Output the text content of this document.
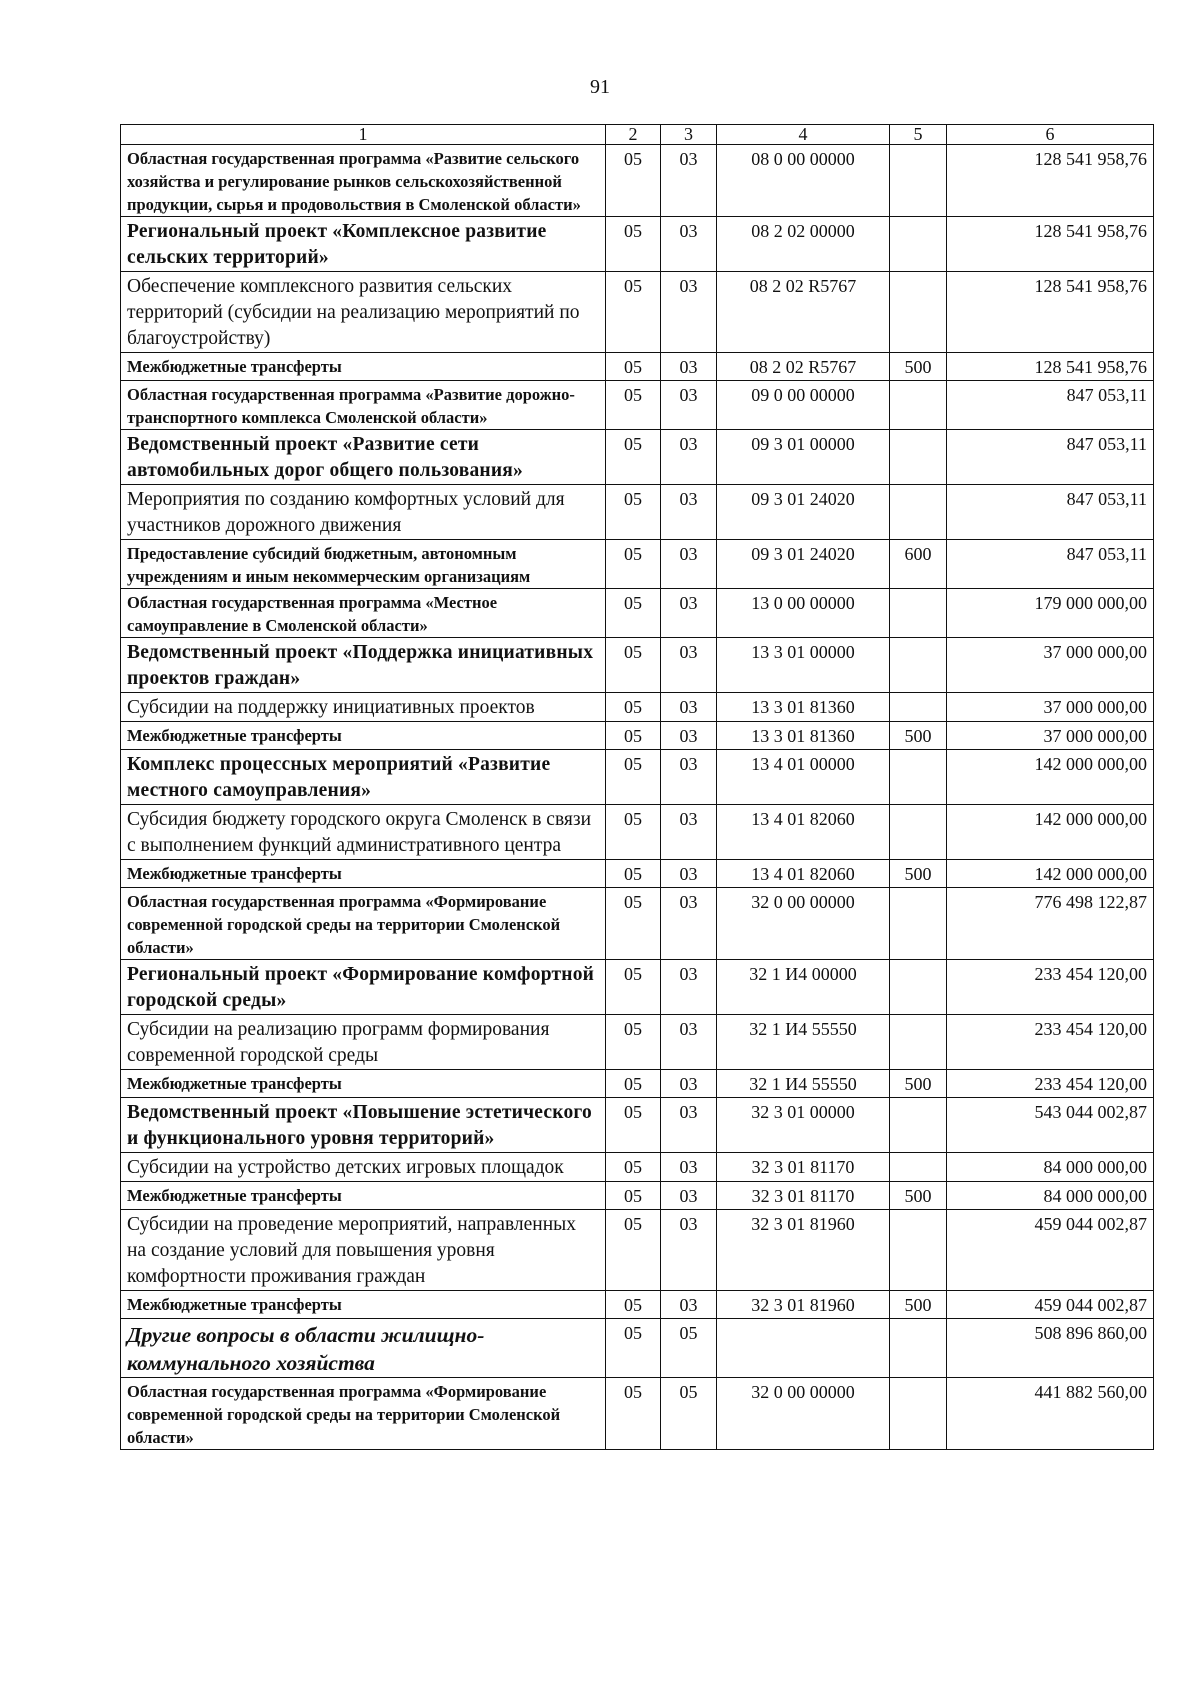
91
1	2	3	4	5	6
Областная государственная программа «Развитие сельского хозяйства и регулирование рынков сельскохозяйственной продукции, сырья и продовольствия в Смоленской области»	05	03	08 0 00 00000		128 541 958,76
Региональный проект «Комплексное развитие сельских территорий»	05	03	08 2 02 00000		128 541 958,76
Обеспечение комплексного развития сельских территорий (субсидии на реализацию мероприятий по благоустройству)	05	03	08 2 02 R5767		128 541 958,76
Межбюджетные трансферты	05	03	08 2 02 R5767	500	128 541 958,76
Областная государственная программа «Развитие дорожно-транспортного комплекса Смоленской области»	05	03	09 0 00 00000		847 053,11
Ведомственный проект «Развитие сети автомобильных дорог общего пользования»	05	03	09 3 01 00000		847 053,11
Мероприятия по созданию комфортных условий для участников дорожного движения	05	03	09 3 01 24020		847 053,11
Предоставление субсидий бюджетным, автономным учреждениям и иным некоммерческим организациям	05	03	09 3 01 24020	600	847 053,11
Областная государственная программа «Местное самоуправление в Смоленской области»	05	03	13 0 00 00000		179 000 000,00
Ведомственный проект «Поддержка инициативных проектов граждан»	05	03	13 3 01 00000		37 000 000,00
Субсидии на поддержку инициативных проектов	05	03	13 3 01 81360		37 000 000,00
Межбюджетные трансферты	05	03	13 3 01 81360	500	37 000 000,00
Комплекс процессных мероприятий «Развитие местного самоуправления»	05	03	13 4 01 00000		142 000 000,00
Субсидия бюджету городского округа Смоленск в связи с выполнением функций административного центра	05	03	13 4 01 82060		142 000 000,00
Межбюджетные трансферты	05	03	13 4 01 82060	500	142 000 000,00
Областная государственная программа «Формирование современной городской среды на территории Смоленской области»	05	03	32 0 00 00000		776 498 122,87
Региональный проект «Формирование комфортной городской среды»	05	03	32 1 И4 00000		233 454 120,00
Субсидии на реализацию программ формирования современной городской среды	05	03	32 1 И4 55550		233 454 120,00
Межбюджетные трансферты	05	03	32 1 И4 55550	500	233 454 120,00
Ведомственный проект «Повышение эстетического и функционального уровня территорий»	05	03	32 3 01 00000		543 044 002,87
Субсидии на устройство детских игровых площадок	05	03	32 3 01 81170		84 000 000,00
Межбюджетные трансферты	05	03	32 3 01 81170	500	84 000 000,00
Субсидии на проведение мероприятий, направленных на создание условий для повышения уровня комфортности проживания граждан	05	03	32 3 01 81960		459 044 002,87
Межбюджетные трансферты	05	03	32 3 01 81960	500	459 044 002,87
Другие вопросы в области жилищно-коммунального хозяйства	05	05			508 896 860,00
Областная государственная программа «Формирование современной городской среды на территории Смоленской области»	05	05	32 0 00 00000		441 882 560,00
